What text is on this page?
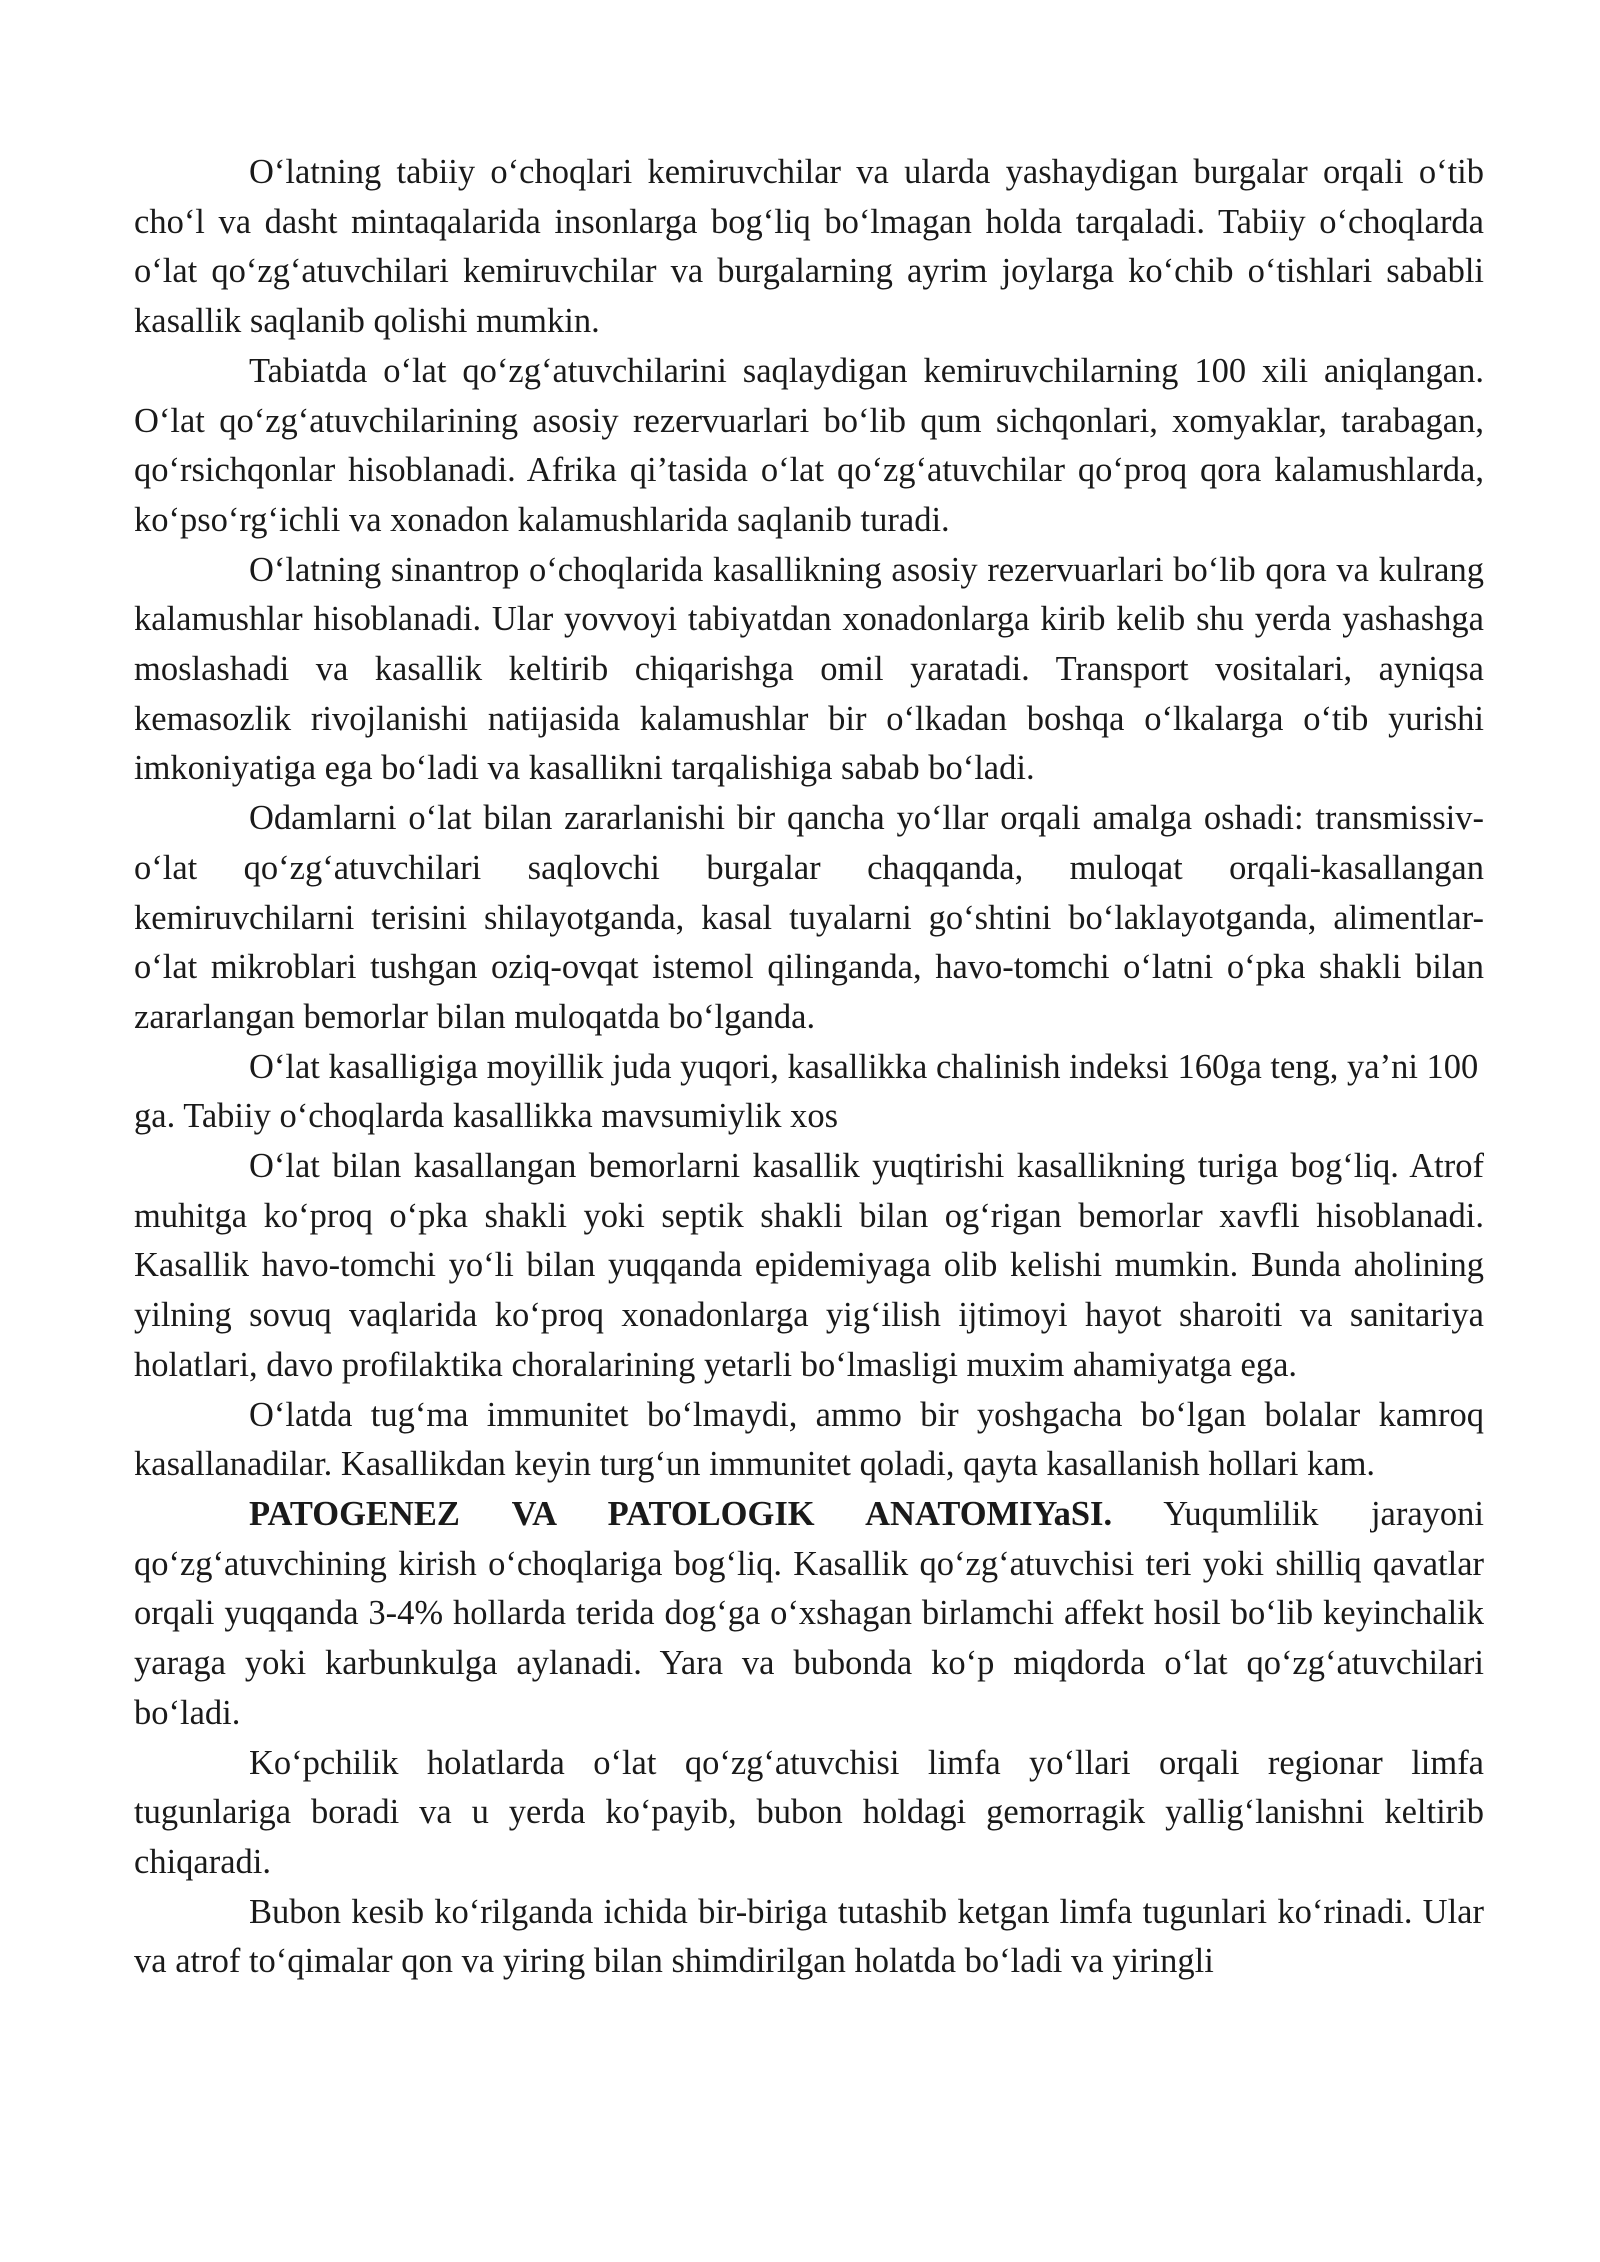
O‘latning tabiiy o‘choqlari kemiruvchilar va ularda yashaydigan burgalar orqali o‘tib cho‘l va dasht mintaqalarida insonlarga bog‘liq bo‘lmagan holda tarqaladi. Tabiiy o‘choqlarda o‘lat qo‘zg‘atuvchilari kemiruvchilar va burgalarning ayrim joylarga ko‘chib o‘tishlari sababli kasallik saqlanib qolishi mumkin.

Tabiatda o‘lat qo‘zg‘atuvchilarini saqlaydigan kemiruvchilarning 100 xili aniqlangan. O‘lat qo‘zg‘atuvchilarining asosiy rezervuarlari bo‘lib qum sichqonlari, xomyaklar, tarabagan, qo‘rsichqonlar hisoblanadi. Afrika qi’tasida o‘lat qo‘zg‘atuvchilar qo‘proq qora kalamushlarda, ko‘pso‘rg‘ichli va xonadon kalamushlarida saqlanib turadi.

O‘latning sinantrop o‘choqlarida kasallikning asosiy rezervuarlari bo‘lib qora va kulrang kalamushlar hisoblanadi. Ular yovvoyi tabiyatdan xonadonlarga kirib kelib shu yerda yashashga moslashadi va kasallik keltirib chiqarishga omil yaratadi. Transport vositalari, ayniqsa kemasozlik rivojlanishi natijasida kalamushlar bir o‘lkadan boshqa o‘lkalarga o‘tib yurishi imkoniyatiga ega bo‘ladi va kasallikni tarqalishiga sabab bo‘ladi.

Odamlarni o‘lat bilan zararlanishi bir qancha yo‘llar orqali amalga oshadi: transmissiv-o‘lat qo‘zg‘atuvchilari saqlovchi burgalar chaqqanda, muloqat orqali-kasallangan kemiruvchilarni terisini shilayotganda, kasal tuyalarni go‘shtini bo‘laklayotganda, alimentlar-o‘lat mikroblari tushgan oziq-ovqat istemol qilinganda, havo-tomchi o‘latni o‘pka shakli bilan zararlangan bemorlar bilan muloqatda bo‘lganda.

O‘lat kasalligiga moyillik juda yuqori, kasallikka chalinish indeksi 160ga teng, ya’ni 100 ga. Tabiiy o‘choqlarda kasallikka mavsumiylik xos

O‘lat bilan kasallangan bemorlarni kasallik yuqtirishi kasallikning turiga bog‘liq. Atrof muhitga ko‘proq o‘pka shakli yoki septik shakli bilan og‘rigan bemorlar xavfli hisoblanadi. Kasallik havo-tomchi yo‘li bilan yuqqanda epidemiyaga olib kelishi mumkin. Bunda aholining yilning sovuq vaqlarida ko‘proq xonadonlarga yig‘ilish ijtimoyi hayot sharoiti va sanitariya holatlari, davo profilaktika choralarining yetarli bo‘lmasligi muxim ahamiyatga ega.

O‘latda tug‘ma immunitet bo‘lmaydi, ammo bir yoshgacha bo‘lgan bolalar kamroq kasallanadilar. Kasallikdan keyin turg‘un immunitet qoladi, qayta kasallanish hollari kam.

PATOGENEZ VA PATOLOGIK ANATOMIYaSI. Yuqumlilik jarayoni qo‘zg‘atuvchining kirish o‘choqlariga bog‘liq. Kasallik qo‘zg‘atuvchisi teri yoki shilliq qavatlar orqali yuqqanda 3-4% hollarda terida dog‘ga o‘xshagan birlamchi affekt hosil bo‘lib keyinchalik yaraga yoki karbunkulga aylanadi. Yara va bubonda ko‘p miqdorda o‘lat qo‘zg‘atuvchilari bo‘ladi.

Ko‘pchilik holatlarda o‘lat qo‘zg‘atuvchisi limfa yo‘llari orqali regionar limfa tugunlariga boradi va u yerda ko‘payib, bubon holdagi gemorragik yallig‘lanishni keltirib chiqaradi.

Bubon kesib ko‘rilganda ichida bir-biriga tutashib ketgan limfa tugunlari ko‘rinadi. Ular va atrof to‘qimalar qon va yiring bilan shimdirilgan holatda bo‘ladi va yiringli
